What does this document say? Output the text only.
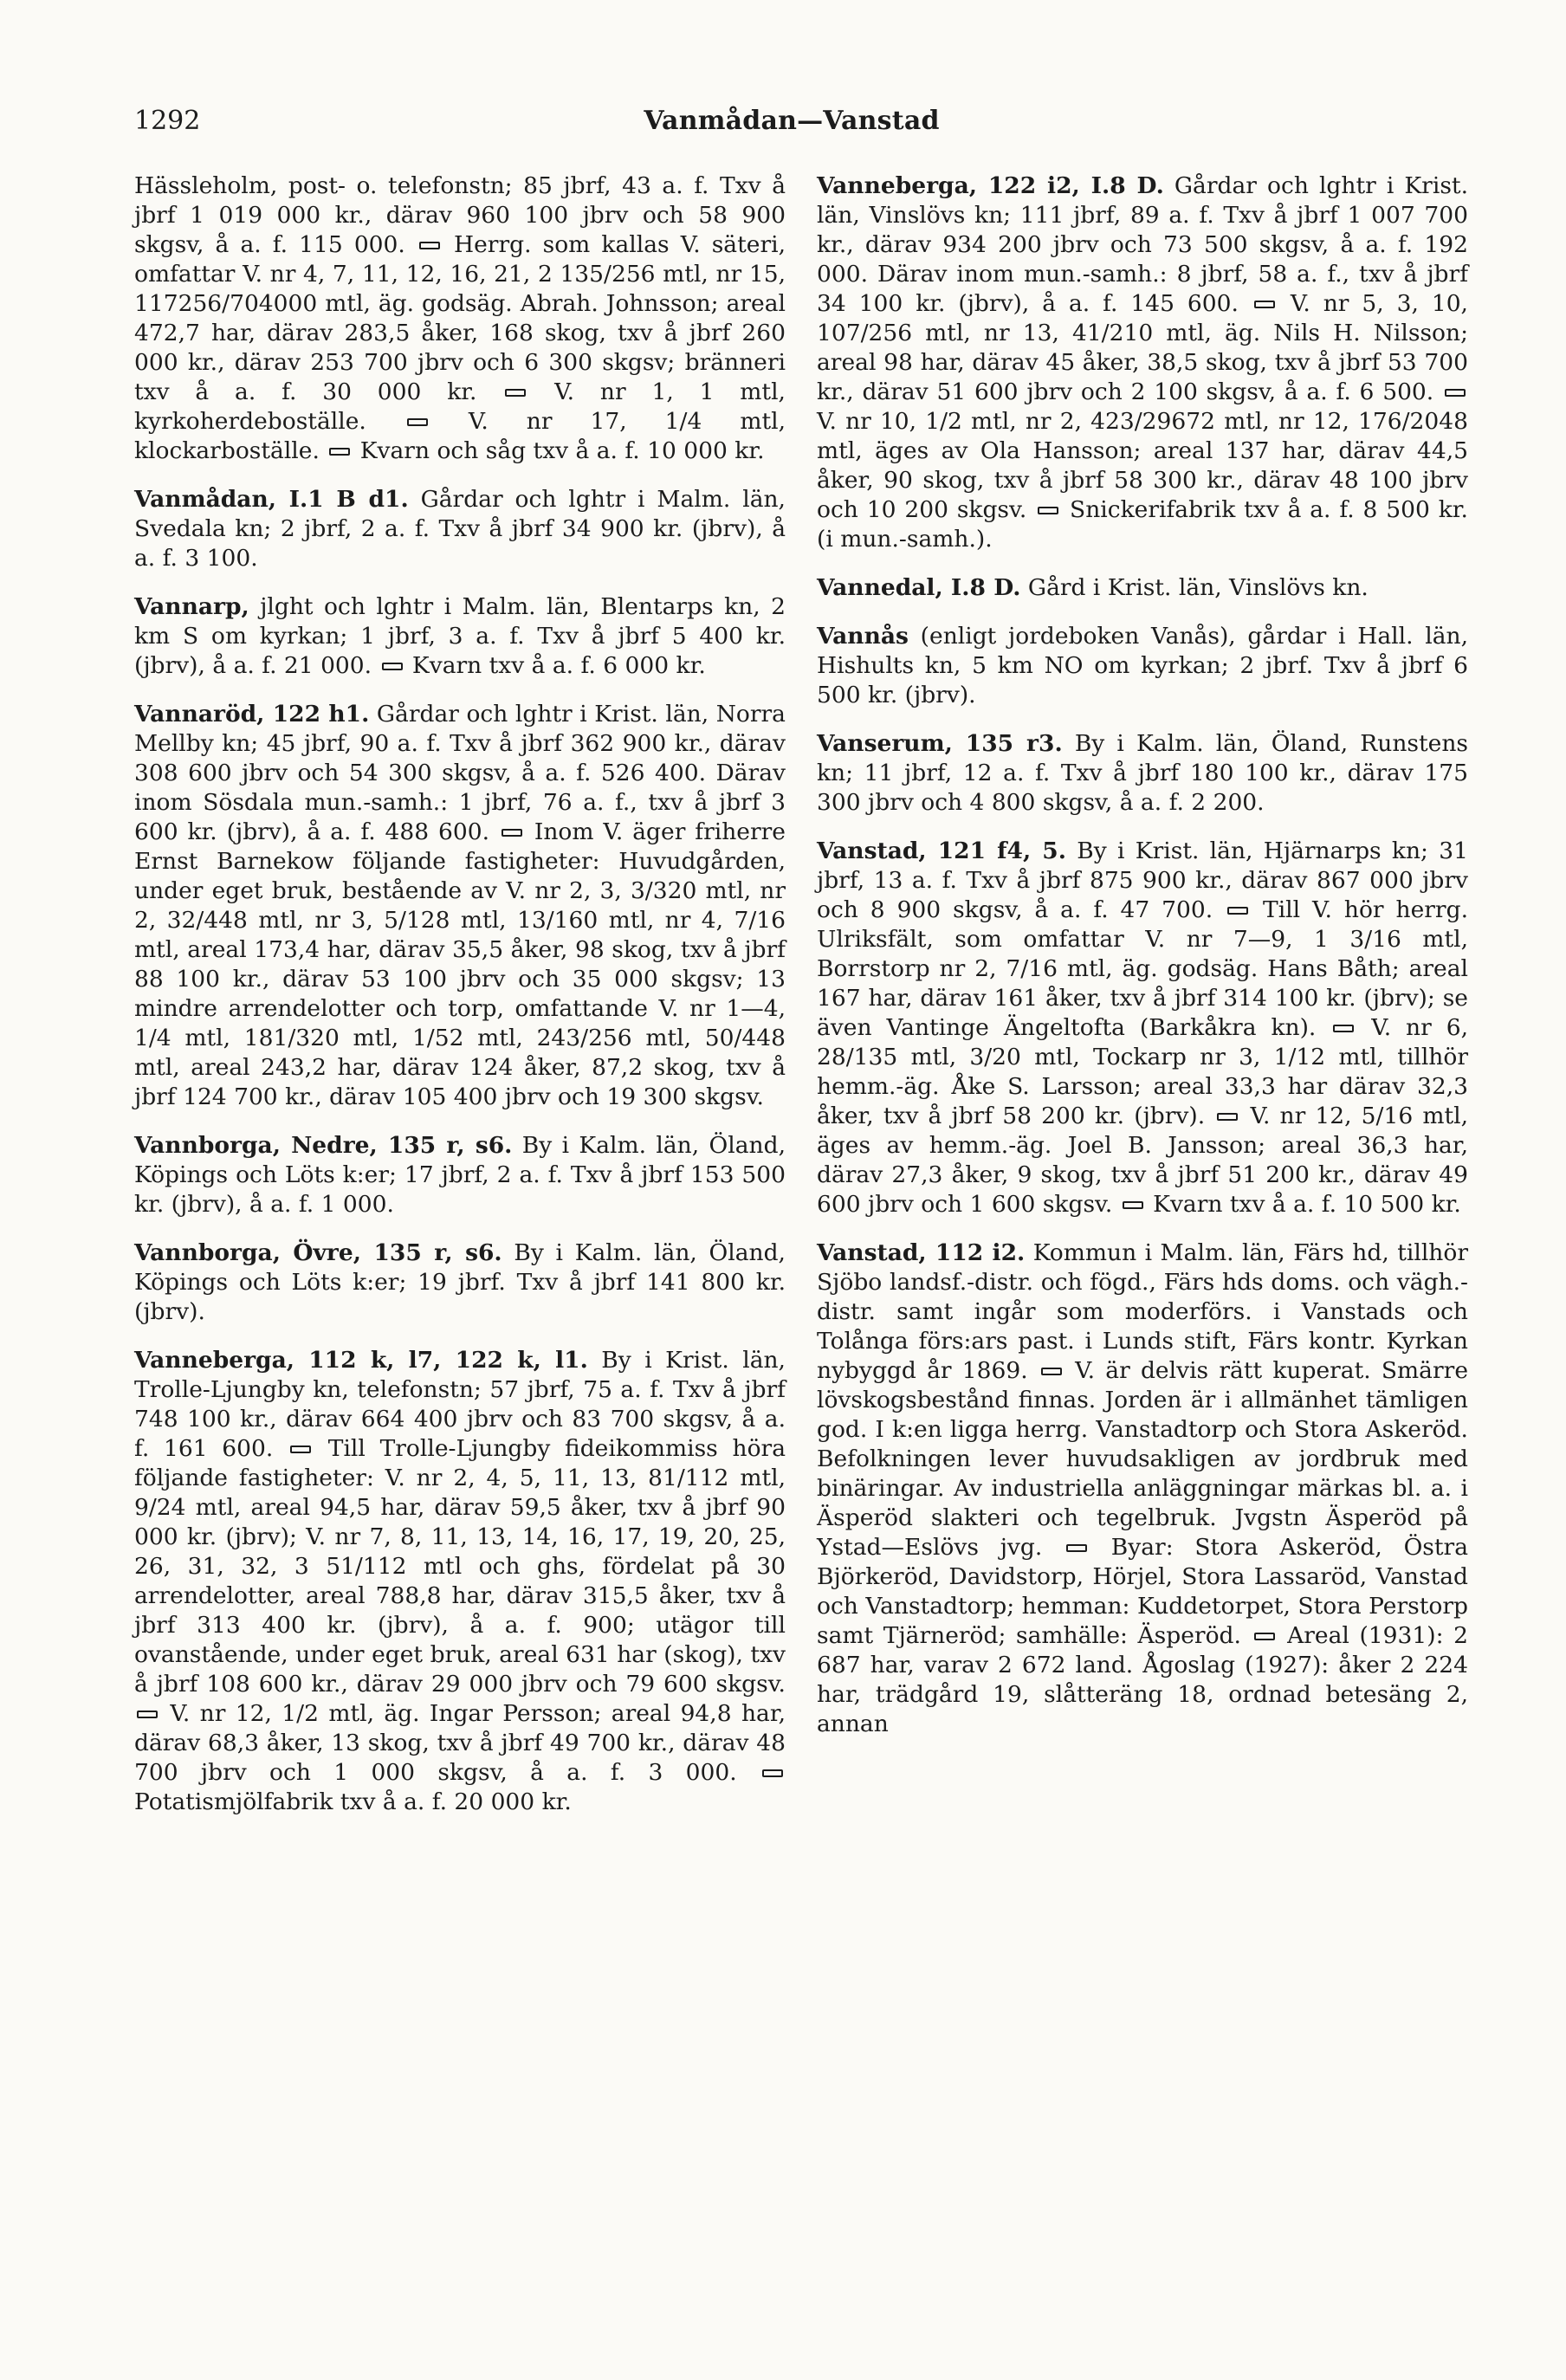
1292	Vanmådan—Vanstad

Hässleholm, post- o. telefonstn; 85 jbrf, 43 a. f. Txv å jbrf 1 019 000 kr., därav 960 100 jbrv och 58 900 skgsv, å a. f. 115 000.  Herrg. som kallas V. säteri, omfattar V. nr 4, 7, 11, 12, 16, 21, 2 135/256 mtl, nr 15, 117256/704000 mtl, äg. godsäg. Abrah. Johnsson; areal 472,7 har, därav 283,5 åker, 168 skog, txv å jbrf 260 000 kr., därav 253 700 jbrv och 6 300 skgsv; bränneri txv å a. f. 30 000 kr.  V. nr 1, 1 mtl, kyrkoherdeboställe.  V. nr 17, 1/4 mtl, klockarboställe.  Kvarn och såg txv å a. f. 10 000 kr.

Vanmådan, I.1 B d1. Gårdar och lghtr i Malm. län, Svedala kn; 2 jbrf, 2 a. f. Txv å jbrf 34 900 kr. (jbrv), å a. f. 3 100.

Vannarp, jlght och lghtr i Malm. län, Blentarps kn, 2 km S om kyrkan; 1 jbrf, 3 a. f. Txv å jbrf 5 400 kr. (jbrv), å a. f. 21 000.  Kvarn txv å a. f. 6 000 kr.

Vannaröd, 122 h1. Gårdar och lghtr i Krist. län, Norra Mellby kn; 45 jbrf, 90 a. f. Txv å jbrf 362 900 kr., därav 308 600 jbrv och 54 300 skgsv, å a. f. 526 400. Därav inom Sösdala mun.-samh.: 1 jbrf, 76 a. f., txv å jbrf 3 600 kr. (jbrv), å a. f. 488 600.  Inom V. äger friherre Ernst Barnekow följande fastigheter: Huvudgården, under eget bruk, bestående av V. nr 2, 3, 3/320 mtl, nr 2, 32/448 mtl, nr 3, 5/128 mtl, 13/160 mtl, nr 4, 7/16 mtl, areal 173,4 har, därav 35,5 åker, 98 skog, txv å jbrf 88 100 kr., därav 53 100 jbrv och 35 000 skgsv; 13 mindre arrendelotter och torp, omfattande V. nr 1—4, 1/4 mtl, 181/320 mtl, 1/52 mtl, 243/256 mtl, 50/448 mtl, areal 243,2 har, därav 124 åker, 87,2 skog, txv å jbrf 124 700 kr., därav 105 400 jbrv och 19 300 skgsv.

Vannborga, Nedre, 135 r, s6. By i Kalm. län, Öland, Köpings och Löts k:er; 17 jbrf, 2 a. f. Txv å jbrf 153 500 kr. (jbrv), å a. f. 1 000.

Vannborga, Övre, 135 r, s6. By i Kalm. län, Öland, Köpings och Löts k:er; 19 jbrf. Txv å jbrf 141 800 kr. (jbrv).

Vanneberga, 112 k, l7, 122 k, l1. By i Krist. län, Trolle-Ljungby kn, telefonstn; 57 jbrf, 75 a. f. Txv å jbrf 748 100 kr., därav 664 400 jbrv och 83 700 skgsv, å a. f. 161 600.  Till Trolle-Ljungby fideikommiss höra följande fastigheter: V. nr 2, 4, 5, 11, 13, 81/112 mtl, 9/24 mtl, areal 94,5 har, därav 59,5 åker, txv å jbrf 90 000 kr. (jbrv); V. nr 7, 8, 11, 13, 14, 16, 17, 19, 20, 25, 26, 31, 32, 3 51/112 mtl och ghs, fördelat på 30 arrendelotter, areal 788,8 har, därav 315,5 åker, txv å jbrf 313 400 kr. (jbrv), å a. f. 900; utägor till ovanstående, under eget bruk, areal 631 har (skog), txv å jbrf 108 600 kr., därav 29 000 jbrv och 79 600 skgsv.  V. nr 12, 1/2 mtl, äg. Ingar Persson; areal 94,8 har, därav 68,3 åker, 13 skog, txv å jbrf 49 700 kr., därav 48 700 jbrv och 1 000 skgsv, å a. f. 3 000.  Potatismjölfabrik txv å a. f. 20 000 kr.

Vanneberga, 122 i2, I.8 D. Gårdar och lghtr i Krist. län, Vinslövs kn; 111 jbrf, 89 a. f. Txv å jbrf 1 007 700 kr., därav 934 200 jbrv och 73 500 skgsv, å a. f. 192 000. Därav inom mun.-samh.: 8 jbrf, 58 a. f., txv å jbrf 34 100 kr. (jbrv), å a. f. 145 600.  V. nr 5, 3, 10, 107/256 mtl, nr 13, 41/210 mtl, äg. Nils H. Nilsson; areal 98 har, därav 45 åker, 38,5 skog, txv å jbrf 53 700 kr., därav 51 600 jbrv och 2 100 skgsv, å a. f. 6 500.  V. nr 10, 1/2 mtl, nr 2, 423/29672 mtl, nr 12, 176/2048 mtl, äges av Ola Hansson; areal 137 har, därav 44,5 åker, 90 skog, txv å jbrf 58 300 kr., därav 48 100 jbrv och 10 200 skgsv.  Snickerifabrik txv å a. f. 8 500 kr. (i mun.-samh.).

Vannedal, I.8 D. Gård i Krist. län, Vinslövs kn.

Vannås (enligt jordeboken Vanås), gårdar i Hall. län, Hishults kn, 5 km NO om kyrkan; 2 jbrf. Txv å jbrf 6 500 kr. (jbrv).

Vanserum, 135 r3. By i Kalm. län, Öland, Runstens kn; 11 jbrf, 12 a. f. Txv å jbrf 180 100 kr., därav 175 300 jbrv och 4 800 skgsv, å a. f. 2 200.

Vanstad, 121 f4, 5. By i Krist. län, Hjärnarps kn; 31 jbrf, 13 a. f. Txv å jbrf 875 900 kr., därav 867 000 jbrv och 8 900 skgsv, å a. f. 47 700.  Till V. hör herrg. Ulriksfält, som omfattar V. nr 7—9, 1 3/16 mtl, Borrstorp nr 2, 7/16 mtl, äg. godsäg. Hans Båth; areal 167 har, därav 161 åker, txv å jbrf 314 100 kr. (jbrv); se även Vantinge Ängeltofta (Barkåkra kn).  V. nr 6, 28/135 mtl, 3/20 mtl, Tockarp nr 3, 1/12 mtl, tillhör hemm.-äg. Åke S. Larsson; areal 33,3 har därav 32,3 åker, txv å jbrf 58 200 kr. (jbrv).  V. nr 12, 5/16 mtl, äges av hemm.-äg. Joel B. Jansson; areal 36,3 har, därav 27,3 åker, 9 skog, txv å jbrf 51 200 kr., därav 49 600 jbrv och 1 600 skgsv.  Kvarn txv å a. f. 10 500 kr.

Vanstad, 112 i2. Kommun i Malm. län, Färs hd, tillhör Sjöbo landsf.-distr. och fögd., Färs hds doms. och vägh.-distr. samt ingår som moderförs. i Vanstads och Tolånga förs:ars past. i Lunds stift, Färs kontr. Kyrkan nybyggd år 1869.  V. är delvis rätt kuperat. Smärre lövskogsbestånd finnas. Jorden är i allmänhet tämligen god. I k:en ligga herrg. Vanstadtorp och Stora Askeröd. Befolkningen lever huvudsakligen av jordbruk med binäringar. Av industriella anläggningar märkas bl. a. i Äsperöd slakteri och tegelbruk. Jvgstn Äsperöd på Ystad—Eslövs jvg.  Byar: Stora Askeröd, Östra Björkeröd, Davidstorp, Hörjel, Stora Lassaröd, Vanstad och Vanstadtorp; hemman: Kuddetorpet, Stora Perstorp samt Tjärneröd; samhälle: Äsperöd.  Areal (1931): 2 687 har, varav 2 672 land. Ågoslag (1927): åker 2 224 har, trädgård 19, slåtteräng 18, ordnad betesäng 2, annan
